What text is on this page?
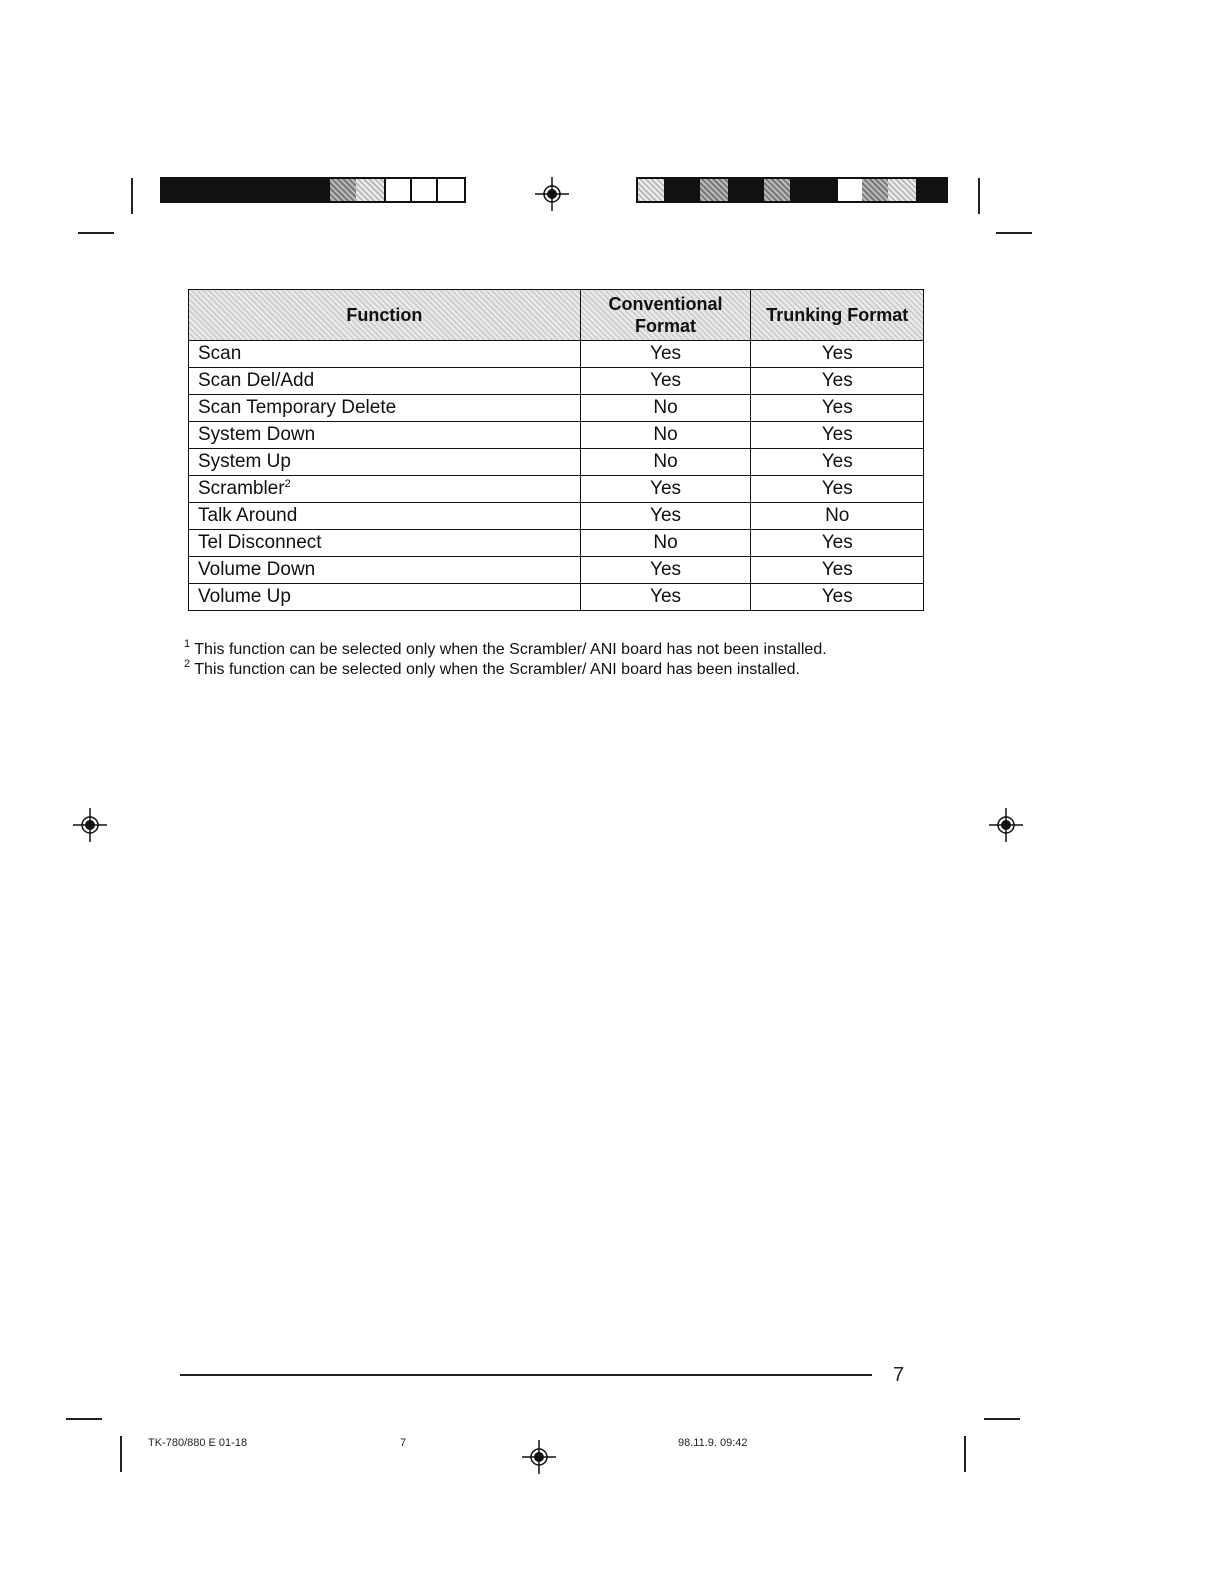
Function	Conventional Format	Trunking Format
Scan	Yes	Yes
Scan Del/Add	Yes	Yes
Scan Temporary Delete	No	Yes
System Down	No	Yes
System Up	No	Yes
Scrambler$^2$	Yes	Yes
Talk Around	Yes	No
Tel Disconnect	No	Yes
Volume Down	Yes	Yes
Volume Up	Yes	Yes

$^1$ This function can be selected only when the Scrambler/ ANI board has not been installed.

$^2$ This function can be selected only when the Scrambler/ ANI board has been installed.

7
TK-780/880 E 01-18	7	98.11.9. 09:42
